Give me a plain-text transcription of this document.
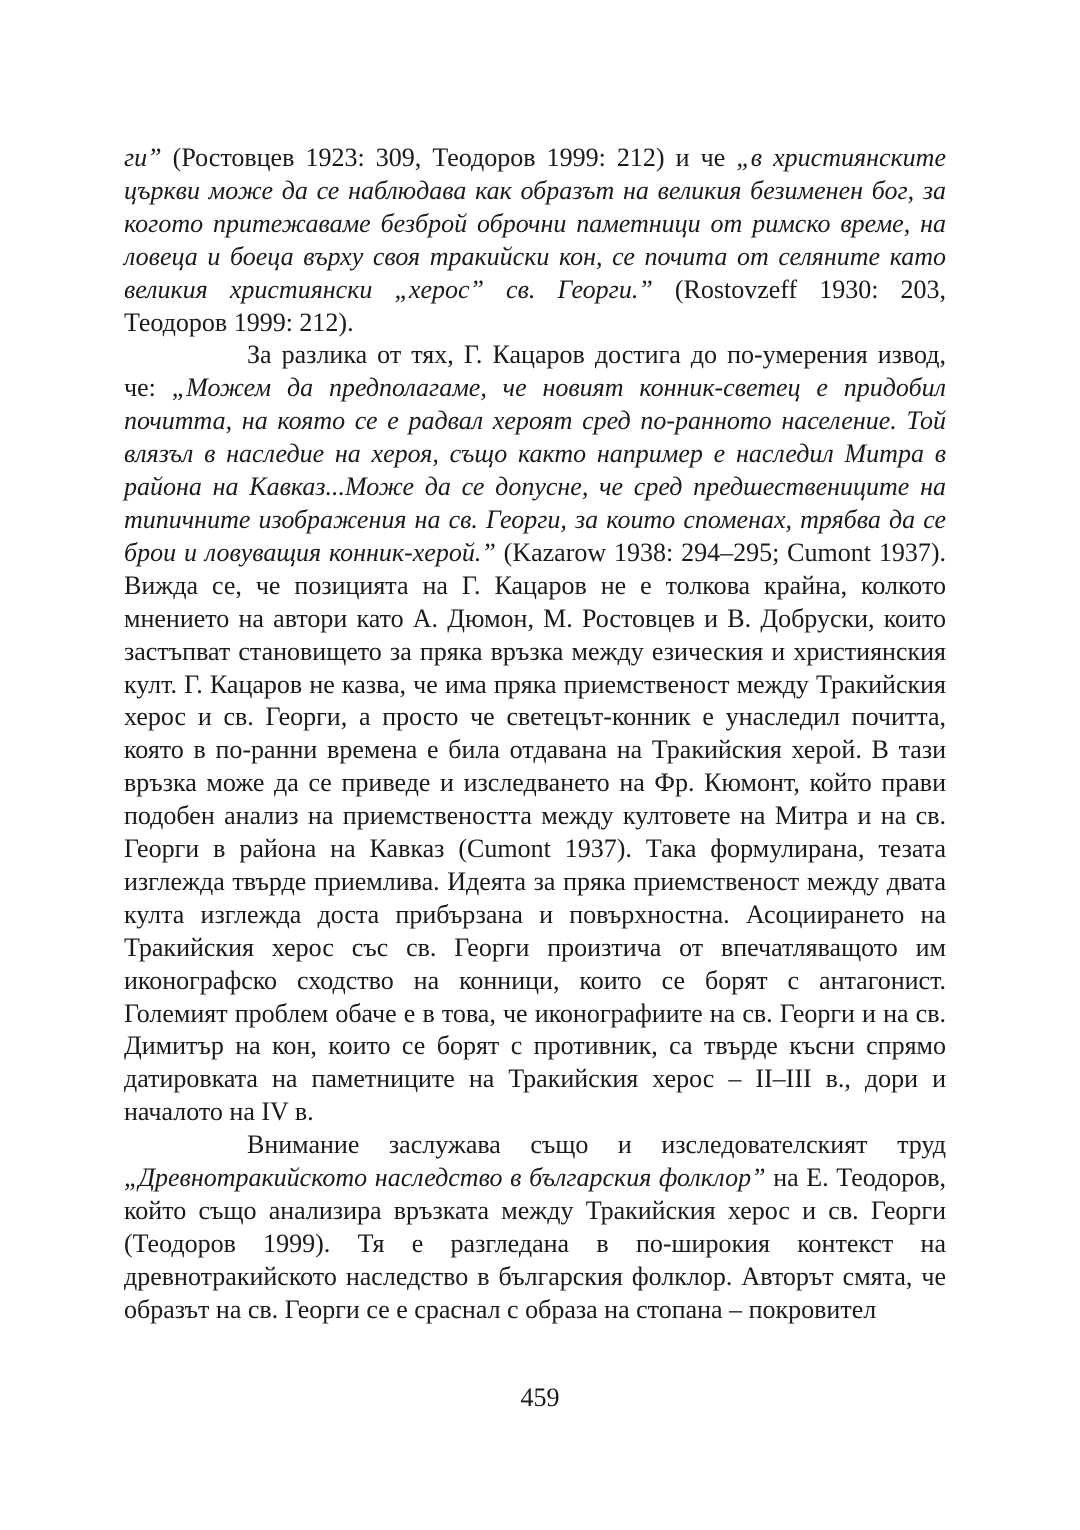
ги” (Ростовцев 1923: 309, Теодоров 1999: 212) и че „в християнските църкви може да се наблюдава как образът на великия безименен бог, за когото притежаваме безброй оброчни паметници от римско време, на ловеца и боеца върху своя тракийски кон, се почита от селяните като великия християнски „херос” св. Георги.” (Rostovzeff 1930: 203, Теодоров 1999: 212).

За разлика от тях, Г. Кацаров достига до по-умерения извод, че: „Можем да предполагаме, че новият конник-светец е придобил почитта, на която се е радвал хероят сред по-ранното население. Той влязъл в наследие на хероя, също както например е наследил Митра в района на Кавказ...Може да се допусне, че сред предшествениците на типичните изображения на св. Георги, за които споменах, трябва да се брои и ловуващия конник-херой.” (Kazarow 1938: 294–295; Cumont 1937). Вижда се, че позицията на Г. Кацаров не е толкова крайна, колкото мнението на автори като А. Дюмон, М. Ростовцев и В. Добруски, които застъпват становището за пряка връзка между езическия и християнския култ. Г. Кацаров не казва, че има пряка приемственост между Тракийския херос и св. Георги, а просто че светецът-конник е унаследил почитта, която в по-ранни времена е била отдавана на Тракийския херой. В тази връзка може да се приведе и изследването на Фр. Кюмонт, който прави подобен анализ на приемствеността между култовете на Митра и на св. Георги в района на Кавказ (Cumont 1937). Така формулирана, тезата изглежда твърде приемлива. Идеята за пряка приемственост между двата култа изглежда доста прибързана и повърхностна. Асоциирането на Тракийския херос със св. Георги произтича от впечатляващото им иконографско сходство на конници, които се борят с антагонист. Големият проблем обаче е в това, че иконографиите на св. Георги и на св. Димитър на кон, които се борят с противник, са твърде късни спрямо датировката на паметниците на Тракийския херос – II–III в., дори и началото на IV в.

Внимание заслужава също и изследователският труд „Древнотракийското наследство в българския фолклор” на Е. Теодоров, който също анализира връзката между Тракийския херос и св. Георги (Теодоров 1999). Тя е разгледана в по-широкия контекст на древнотракийското наследство в българския фолклор. Авторът смята, че образът на св. Георги се е сраснал с образа на стопана – покровител

459
